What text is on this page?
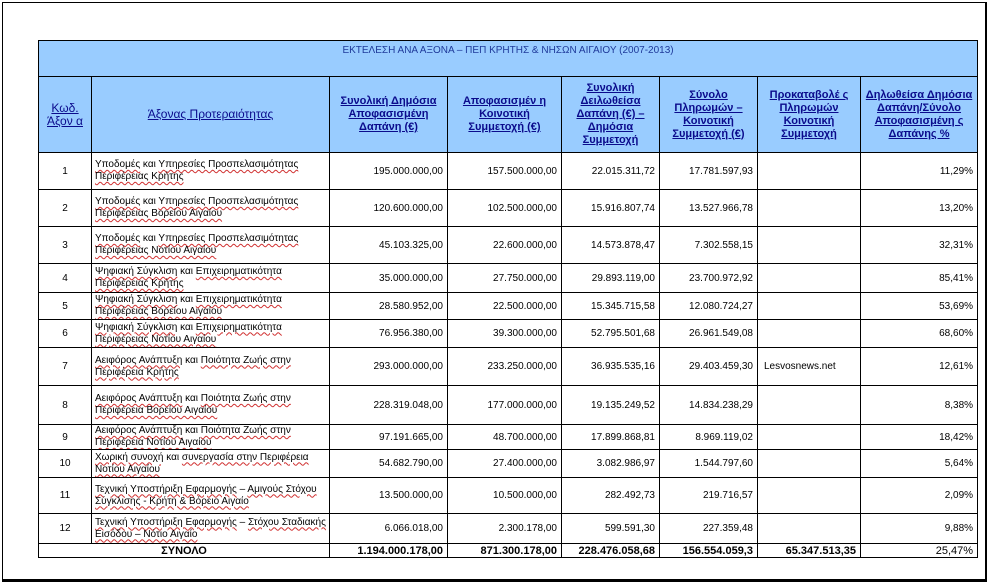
ΕΚΤΕΛΕΣΗ ΑΝΑ ΑΞΟΝΑ – ΠΕΠ ΚΡΗΤΗΣ & ΝΗΣΩΝ ΑΙΓΑΙΟΥ (2007-2013)							
Κωδ. Άξον α	Άξονας Προτεραιότητας	Συνολική Δημόσια Αποφασισμένη Δαπάνη (€)	Αποφασισμέν η Κοινοτική Συμμετοχή (€)	Συνολική Δειλωθείσα Δαπάνη (€) – Δημόσια Συμμετοχή	Σύνολο Πληρωμών – Κοινοτική Συμμετοχή (€)	Προκαταβολέ ς Πληρωμών Κοινοτική Συμμετοχή	Δηλωθείσα Δημόσια Δαπάνη/Σύνολο Αποφασισμένη ς Δαπάνης %
1	Υποδομές και Υπηρεσίες Προσπελασιμότητας Περιφέρειας Κρήτης	195.000.000,00	157.500.000,00	22.015.311,72	17.781.597,93		11,29%
2	Υποδομές και Υπηρεσίες Προσπελασιμότητας Περιφέρειας Βορείου Αιγαίου	120.600.000,00	102.500.000,00	15.916.807,74	13.527.966,78		13,20%
3	Υποδομές και Υπηρεσίες Προσπελασιμότητας Περιφέρειας Νοτίου Αιγαίου	45.103.325,00	22.600.000,00	14.573.878,47	7.302.558,15		32,31%
4	Ψηφιακή Σύγκλιση και Επιχειρηματικότητα Περιφέρειας Κρήτης	35.000.000,00	27.750.000,00	29.893.119,00	23.700.972,92		85,41%
5	Ψηφιακή Σύγκλιση και Επιχειρηματικότητα Περιφέρειας Βορείου Αιγαίου	28.580.952,00	22.500.000,00	15.345.715,58	12.080.724,27		53,69%
6	Ψηφιακή Σύγκλιση και Επιχειρηματικότητα Περιφέρειας Νοτίου Αιγαίου	76.956.380,00	39.300.000,00	52.795.501,68	26.961.549,08		68,60%
7	Αειφόρος Ανάπτυξη και Ποιότητα Ζωής στην Περιφέρεια Κρήτης	293.000.000,00	233.250.000,00	36.935.535,16	29.403.459,30	Lesvosnews.net	12,61%
8	Αειφόρος Ανάπτυξη και Ποιότητα Ζωής στην Περιφέρεια Βορείου Αιγαίου	228.319.048,00	177.000.000,00	19.135.249,52	14.834.238,29		8,38%
9	Αειφόρος Ανάπτυξη και Ποιότητα Ζωής στην Περιφέρεια Νοτίου Αιγαίου	97.191.665,00	48.700.000,00	17.899.868,81	8.969.119,02		18,42%
10	Χωρική συνοχή και συνεργασία στην Περιφέρεια Νοτίου Αιγαίου	54.682.790,00	27.400.000,00	3.082.986,97	1.544.797,60		5,64%
11	Τεχνική Υποστήριξη Εφαρμογής – Αμιγούς Στόχου Σύγκλισης - Κρήτη & Βόρειο Αιγαίο	13.500.000,00	10.500.000,00	282.492,73	219.716,57		2,09%
12	Τεχνική Υποστήριξη Εφαρμογής – Στόχου Σταδιακής Εισόδου – Νότιο Αιγαίο	6.066.018,00	2.300.178,00	599.591,30	227.359,48		9,88%
ΣΥΝΟΛΟ		1.194.000.178,00	871.300.178,00	228.476.058,68	156.554.059,3	65.347.513,35	25,47%
